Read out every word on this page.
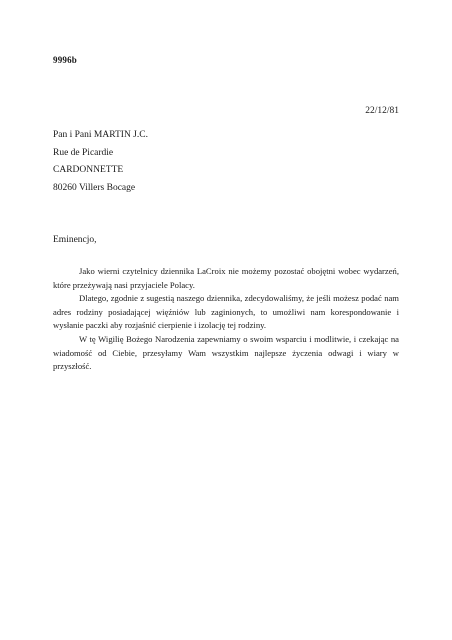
9996b
22/12/81
Pan i Pani MARTIN J.C.
Rue de Picardie
CARDONNETTE
80260 Villers Bocage
Eminencjo,

Jako wierni czytelnicy dziennika LaCroix nie możemy pozostać obojętni wobec wydarzeń, które przeżywają nasi przyjaciele Polacy.

Dlatego, zgodnie z sugestią naszego dziennika, zdecydowaliśmy, że jeśli możesz podać nam adres rodziny posiadającej więźniów lub zaginionych, to umożliwi nam korespondowanie i wysłanie paczki aby rozjaśnić cierpienie i izolację tej rodziny.

W tę Wigilię Bożego Narodzenia zapewniamy o swoim wsparciu i modlitwie, i czekając na wiadomość od Ciebie, przesyłamy Wam wszystkim najlepsze życzenia odwagi i wiary w przyszłość.
